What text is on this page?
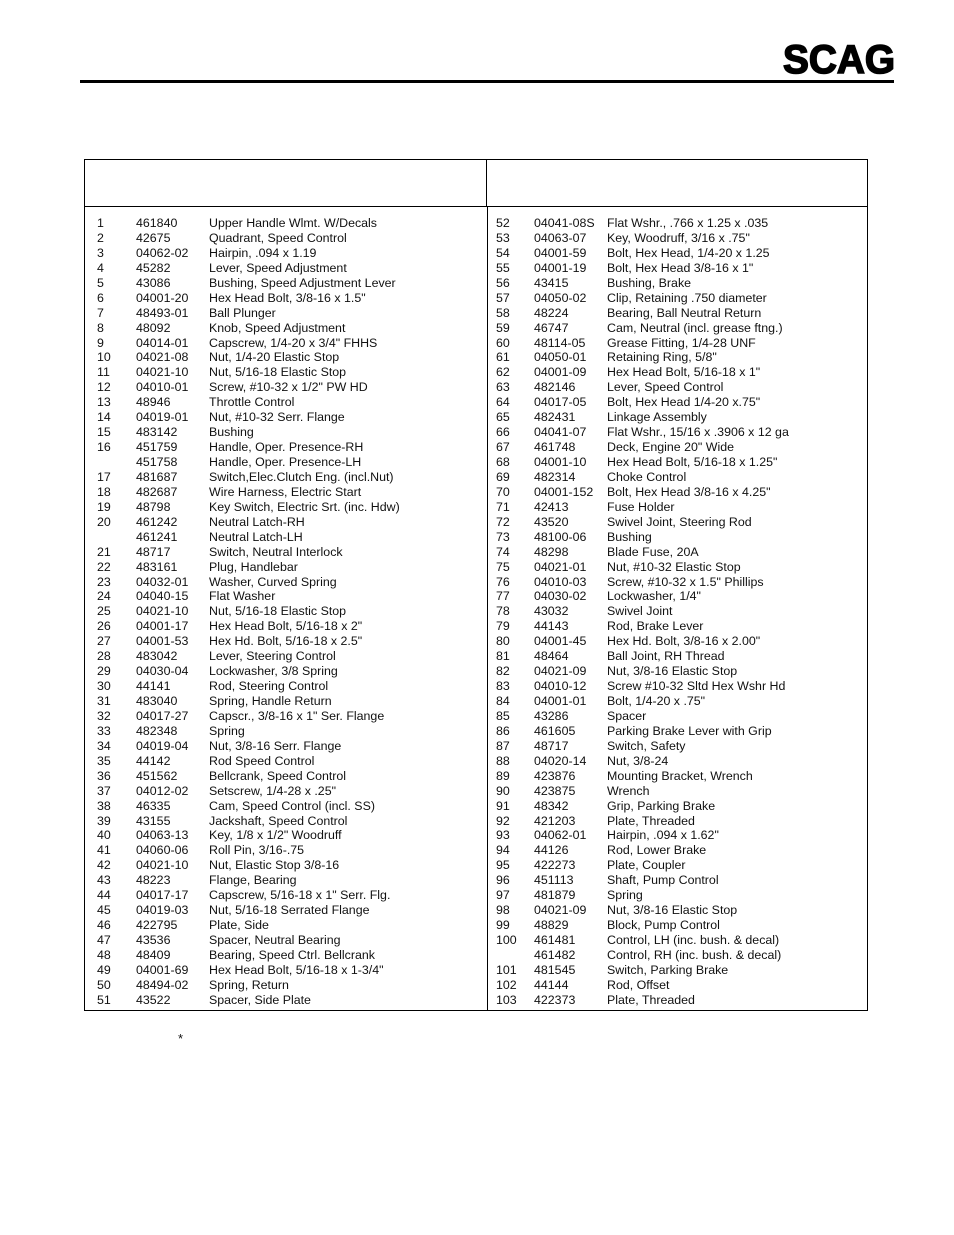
SCAG
1	461840	Upper Handle Wlmt. W/Decals
2	42675	Quadrant, Speed Control
3	04062-02 Hairpin, .094 x 1.19
4	45282	Lever, Speed Adjustment
5	43086	Bushing, Speed Adjustment Lever
6	04001-20 Hex Head Bolt, 3/8-16 x 1.5"
7	48493-01 Ball Plunger
8	48092	Knob, Speed Adjustment
9	04014-01 Capscrew, 1/4-20 x 3/4" FHHS
10 04021-08 Nut, 1/4-20 Elastic Stop
11 04021-10 Nut, 5/16-18 Elastic Stop
12 04010-01 Screw, #10-32 x 1/2" PW HD
13 48946	Throttle Control
14 04019-01 Nut, #10-32 Serr. Flange
15 483142	Bushing
16 451759	Handle, Oper. Presence-RH
451758	Handle, Oper. Presence-LH
17 481687	Switch,Elec.Clutch Eng. (incl.Nut)
18 482687	Wire Harness, Electric Start
19 48798	Key Switch, Electric Srt. (inc. Hdw)
20 461242	Neutral Latch-RH
461241	Neutral Latch-LH
21 48717	Switch, Neutral Interlock
22 483161	Plug, Handlebar
23 04032-01 Washer, Curved Spring
24 04040-15 Flat Washer
25 04021-10 Nut, 5/16-18 Elastic Stop
26 04001-17 Hex Head Bolt, 5/16-18 x 2"
27 04001-53 Hex Hd. Bolt, 5/16-18 x 2.5"
28 483042	Lever, Steering Control
29 04030-04 Lockwasher, 3/8 Spring
30 44141	Rod, Steering Control
31 483040	Spring, Handle Return
32 04017-27 Capscr., 3/8-16 x 1" Ser. Flange
33 482348	Spring
34 04019-04 Nut, 3/8-16 Serr. Flange
35 44142	Rod Speed Control
36 451562	Bellcrank, Speed Control
37 04012-02 Setscrew, 1/4-28 x .25"
38 46335	Cam, Speed Control (incl. SS)
39 43155	Jackshaft, Speed Control
40 04063-13 Key, 1/8 x 1/2" Woodruff
41 04060-06 Roll Pin, 3/16-.75
42 04021-10 Nut, Elastic Stop 3/8-16
43 48223	Flange, Bearing
44 04017-17 Capscrew, 5/16-18 x 1" Serr. Flg.
45 04019-03 Nut, 5/16-18 Serrated Flange
46 422795	Plate, Side
47 43536	Spacer, Neutral Bearing
48 48409	Bearing, Speed Ctrl. Bellcrank
49 04001-69 Hex Head Bolt, 5/16-18 x 1-3/4"
50 48494-02 Spring, Return
51 43522	Spacer, Side Plate
52 04041-08S Flat Wshr., .766 x 1.25 x .035
53 04063-07 Key, Woodruff, 3/16 x .75"
54 04001-59 Bolt, Hex Head, 1/4-20 x 1.25
55 04001-19 Bolt, Hex Head 3/8-16 x 1"
56 43415	Bushing, Brake
57 04050-02 Clip, Retaining .750 diameter
58 48224	Bearing, Ball Neutral Return
59 46747	Cam, Neutral (incl. grease ftng.)
60 48114-05 Grease Fitting, 1/4-28 UNF
61 04050-01 Retaining Ring, 5/8"
62 04001-09 Hex Head Bolt, 5/16-18 x 1"
63 482146	Lever, Speed Control
64 04017-05 Bolt, Hex Head 1/4-20 x.75"
65 482431	Linkage Assembly
66 04041-07 Flat Wshr., 15/16 x .3906 x 12 ga
67 461748	Deck, Engine 20" Wide
68 04001-10 Hex Head Bolt, 5/16-18 x 1.25"
69 482314	Choke Control
70 04001-152 Bolt, Hex Head 3/8-16 x 4.25"
71 42413	Fuse Holder
72 43520	Swivel Joint, Steering Rod
73 48100-06 Bushing
74 48298	Blade Fuse, 20A
75 04021-01 Nut, #10-32 Elastic Stop
76 04010-03 Screw, #10-32 x 1.5" Phillips
77 04030-02 Lockwasher, 1/4"
78 43032	Swivel Joint
79 44143	Rod, Brake Lever
80 04001-45 Hex Hd. Bolt, 3/8-16 x 2.00"
81 48464	Ball Joint, RH Thread
82 04021-09 Nut, 3/8-16 Elastic Stop
83 04010-12 Screw #10-32 Sltd Hex Wshr Hd
84 04001-01 Bolt, 1/4-20 x .75"
85 43286	Spacer
86 461605	Parking Brake Lever with Grip
87 48717	Switch, Safety
88 04020-14 Nut, 3/8-24
89 423876	Mounting Bracket, Wrench
90 423875	Wrench
91 48342	Grip, Parking Brake
92 421203	Plate, Threaded
93 04062-01 Hairpin, .094 x 1.62"
94 44126	Rod, Lower Brake
95 422273	Plate, Coupler
96 451113	Shaft, Pump Control
97 481879	Spring
98 04021-09 Nut, 3/8-16 Elastic Stop
99 48829	Block, Pump Control
100 461481	Control, LH (inc. bush. & decal)
461482	Control, RH (inc. bush. & decal)
101 481545	Switch, Parking Brake
102 44144	Rod, Offset
103 422373	Plate, Threaded
*
